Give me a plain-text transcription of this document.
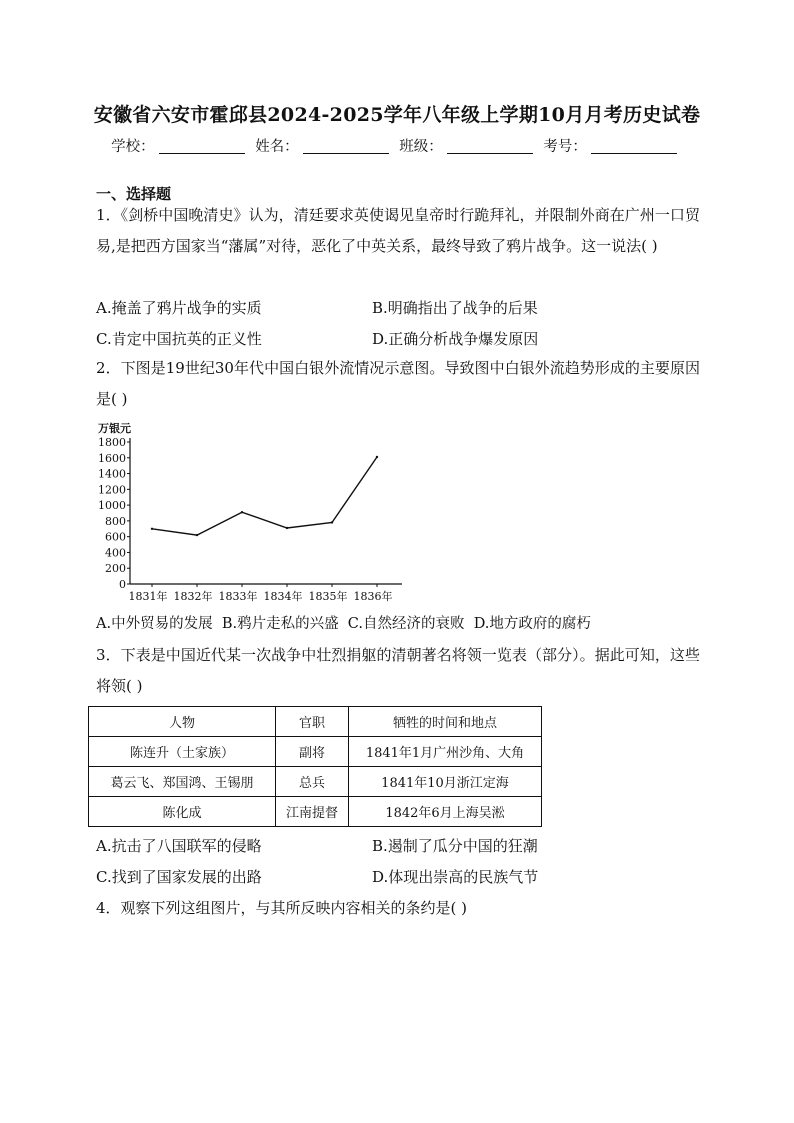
安徽省六安市霍邱县2024-2025学年八年级上学期10月月考历史试卷
学校：	姓名：	班级：	考号：
一、选择题
1．《剑桥中国晚清史》认为，清廷要求英使谒见皇帝时行跪拜礼，并限制外商在广州一口贸易,是把西方国家当“藩属”对待，恶化了中英关系，最终导致了鸦片战争。这一说法( )
A.掩盖了鸦片战争的实质	B.明确指出了战争的后果
C.肯定中国抗英的正义性	D.正确分析战争爆发原因
2．下图是19世纪30年代中国白银外流情况示意图。导致图中白银外流趋势形成的主要原因是( )
万银元
0
200
400
600
800
1000
1200
1400
1600
1800
1831年 1832年 1833年 1834年 1835年 1836年
A.中外贸易的发展 B.鸦片走私的兴盛 C.自然经济的衰败 D.地方政府的腐朽
3．下表是中国近代某一次战争中壮烈捐躯的清朝著名将领一览表（部分）。据此可知，这些将领( )
人物	官职	牺牲的时间和地点
陈连升（土家族）	副将	1841年1月广州沙角、大角
葛云飞、郑国鸿、王锡朋	总兵	1841年10月浙江定海
陈化成	江南提督	1842年6月上海吴淞
A.抗击了八国联军的侵略	B.遏制了瓜分中国的狂潮
C.找到了国家发展的出路	D.体现出崇高的民族气节
4．观察下列这组图片，与其所反映内容相关的条约是( )
